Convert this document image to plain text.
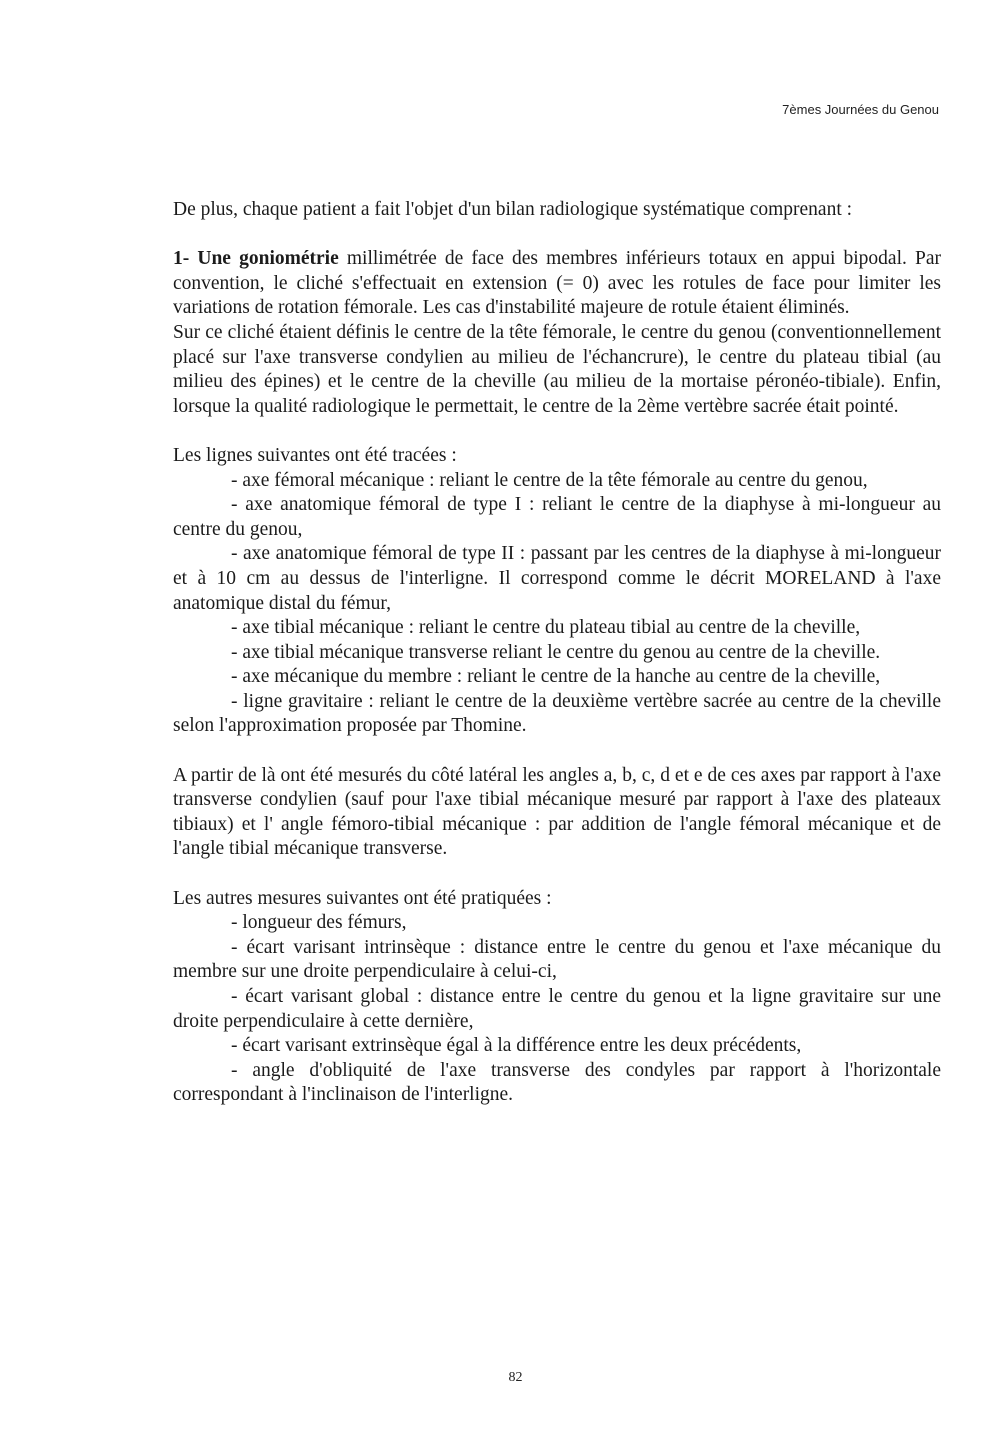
7èmes Journées du Genou

De plus, chaque patient a fait l'objet d'un bilan radiologique systématique comprenant :

1- Une goniométrie millimétrée de face des membres inférieurs totaux en appui bipodal. Par convention, le cliché s'effectuait en extension (= 0) avec les rotules de face pour limiter les variations de rotation fémorale. Les cas d'instabilité majeure de rotule étaient éliminés.

Sur ce cliché étaient définis le centre de la tête fémorale, le centre du genou (conventionnellement placé sur l'axe transverse condylien au milieu de l'échancrure), le centre du plateau tibial (au milieu des épines) et le centre de la cheville (au milieu de la mortaise péronéo-tibiale). Enfin, lorsque la qualité radiologique le permettait, le centre de la 2ème vertèbre sacrée était pointé.

Les lignes suivantes ont été tracées :

- axe fémoral mécanique : reliant le centre de la tête fémorale au centre du genou,

- axe anatomique fémoral de type I : reliant le centre de la diaphyse à mi-longueur au centre du genou,

- axe anatomique fémoral de type II : passant par les centres de la diaphyse à mi-longueur et à 10 cm au dessus de l'interligne. Il correspond comme le décrit MORELAND à l'axe anatomique distal du fémur,

- axe tibial mécanique : reliant le centre du plateau tibial au centre de la cheville,

- axe tibial mécanique transverse reliant le centre du genou au centre de la cheville.

- axe mécanique du membre : reliant le centre de la hanche au centre de la cheville,

- ligne gravitaire : reliant le centre de la deuxième vertèbre sacrée au centre de la cheville selon l'approximation proposée par Thomine.

A partir de là ont été mesurés du côté latéral les angles a, b, c, d et e de ces axes par rapport à l'axe transverse condylien (sauf pour l'axe tibial mécanique mesuré par rapport à l'axe des plateaux tibiaux) et l' angle fémoro-tibial mécanique : par addition de l'angle fémoral mécanique et de l'angle tibial mécanique transverse.

Les autres mesures suivantes ont été pratiquées :

- longueur des fémurs,

- écart varisant intrinsèque : distance entre le centre du genou et l'axe mécanique du membre sur une droite perpendiculaire à celui-ci,

- écart varisant global : distance entre le centre du genou et la ligne gravitaire sur une droite perpendiculaire à cette dernière,

- écart varisant extrinsèque égal à la différence entre les deux précédents,

- angle d'obliquité de l'axe transverse des condyles par rapport à l'horizontale correspondant à l'inclinaison de l'interligne.

82
